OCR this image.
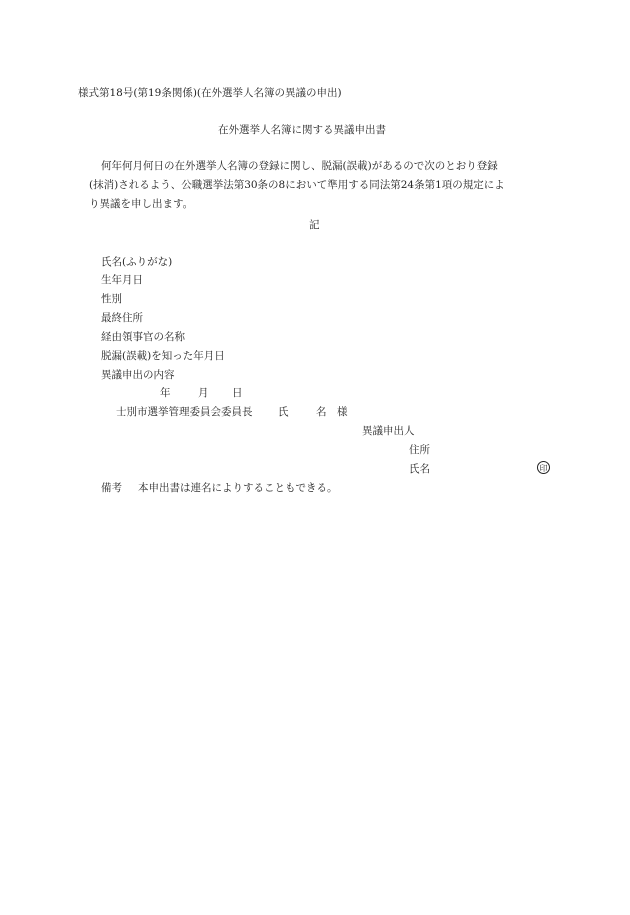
様式第18号(第19条関係)(在外選挙人名簿の異議の申出)
在外選挙人名簿に関する異議申出書
何年何月何日の在外選挙人名簿の登録に関し、脱漏(誤載)があるので次のとおり登録
(抹消)されるよう、公職選挙法第30条の8において準用する同法第24条第1項の規定によ
り異議を申し出ます。
記
氏名(ふりがな)
生年月日
性別
最終住所
経由領事官の名称
脱漏(誤載)を知った年月日
異議申出の内容
年	月 日
士別市選挙管理委員会委員長 氏	名 様
異議申出人
住所
氏名	印
備考 本申出書は連名によりすることもできる。
